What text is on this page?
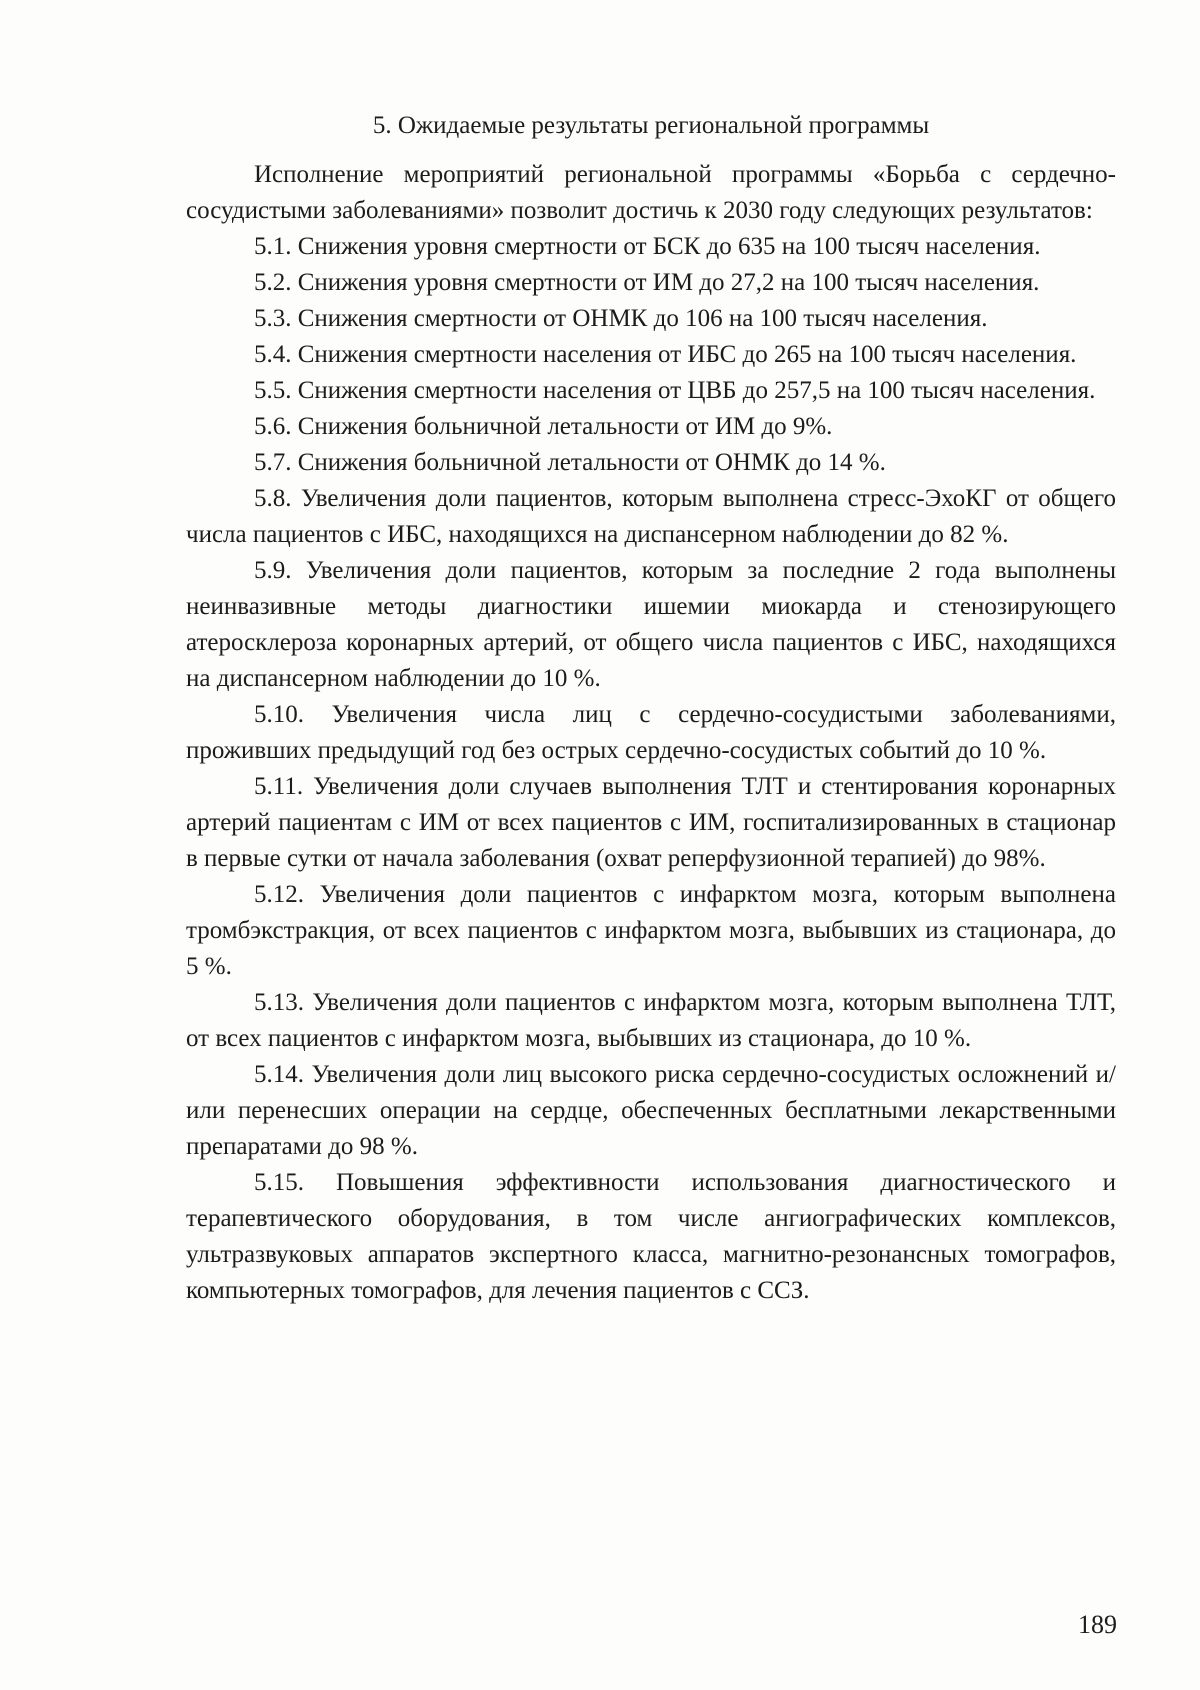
5. Ожидаемые результаты региональной программы

Исполнение мероприятий региональной программы «Борьба с сердечно-сосудистыми заболеваниями» позволит достичь к 2030 году следующих результатов:

5.1. Снижения уровня смертности от БСК до 635 на 100 тысяч населения.

5.2. Снижения уровня смертности от ИМ до 27,2 на 100 тысяч населения.

5.3. Снижения смертности от ОНМК до 106 на 100 тысяч населения.

5.4. Снижения смертности населения от ИБС до 265 на 100 тысяч населения.

5.5. Снижения смертности населения от ЦВБ до 257,5 на 100 тысяч населения.

5.6. Снижения больничной летальности от ИМ до 9%.

5.7. Снижения больничной летальности от ОНМК до 14 %.

5.8. Увеличения доли пациентов, которым выполнена стресс-ЭхоКГ от общего числа пациентов с ИБС, находящихся на диспансерном наблюдении до 82 %.

5.9. Увеличения доли пациентов, которым за последние 2 года выполнены неинвазивные методы диагностики ишемии миокарда и стенозирующего атеросклероза коронарных артерий, от общего числа пациентов с ИБС, находящихся на диспансерном наблюдении до 10 %.

5.10. Увеличения числа лиц с сердечно-сосудистыми заболеваниями, проживших предыдущий год без острых сердечно-сосудистых событий до 10 %.

5.11. Увеличения доли случаев выполнения ТЛТ и стентирования коронарных артерий пациентам с ИМ от всех пациентов с ИМ, госпитализированных в стационар в первые сутки от начала заболевания (охват реперфузионной терапией) до 98%.

5.12. Увеличения доли пациентов с инфарктом мозга, которым выполнена тромбэкстракция, от всех пациентов с инфарктом мозга, выбывших из стационара, до 5 %.

5.13. Увеличения доли пациентов с инфарктом мозга, которым выполнена ТЛТ, от всех пациентов с инфарктом мозга, выбывших из стационара, до 10 %.

5.14. Увеличения доли лиц высокого риска сердечно-сосудистых осложнений и/или перенесших операции на сердце, обеспеченных бесплатными лекарственными препаратами до 98 %.

5.15. Повышения эффективности использования диагностического и терапевтического оборудования, в том числе ангиографических комплексов, ультразвуковых аппаратов экспертного класса, магнитно-резонансных томографов, компьютерных томографов, для лечения пациентов с ССЗ.

189
